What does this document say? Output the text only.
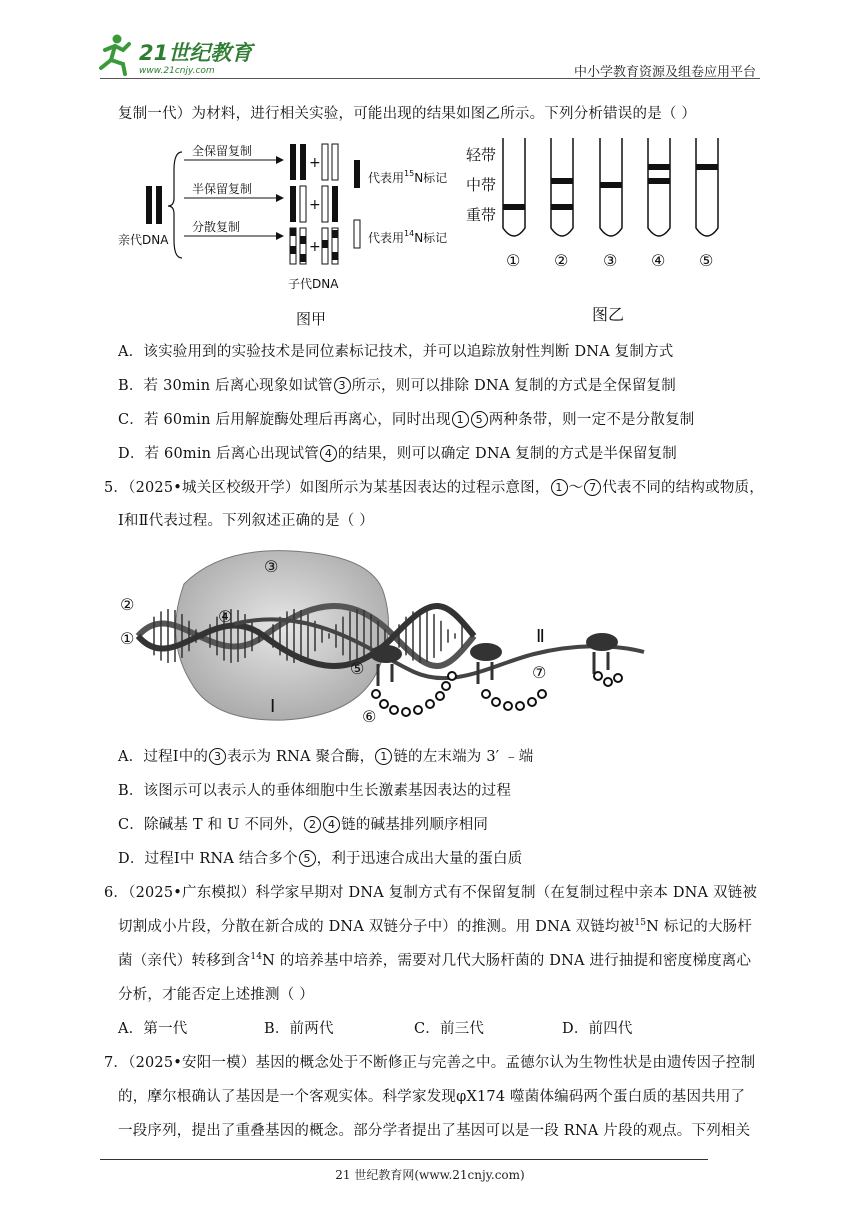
21世纪教育
www.21cnjy.com	中小学教育资源及组卷应用平台
复制一代）为材料，进行相关实验，可能出现的结果如图乙所示。下列分析错误的是（ ）
亲代DNA
全保留复制
半保留复制
分散复制
+
+
+
子代DNA
代表用$^{15}$N标记
代表用$^{14}$N标记
图甲
轻带
中带
重带
① ② ③ ④ ⑤
图乙
A．该实验用到的实验技术是同位素标记技术，并可以追踪放射性判断 DNA 复制方式
B．若 30min 后离心现象如试管 3 所示，则可以排除 DNA 复制的方式是全保留复制
C．若 60min 后用解旋酶处理后再离心，同时出现 1 5 两种条带，则一定不是分散复制
D．若 60min 后离心出现试管 4 的结果，则可以确定 DNA 复制的方式是半保留复制
5．（2025•城关区校级开学）如图所示为某基因表达的过程示意图， 1 ～ 7 代表不同的结构或物质，
Ⅰ和Ⅱ代表过程。下列叙述正确的是（ ）
③
②
④
①
⑤
⑥
⑦
Ⅰ
Ⅱ
A．过程Ⅰ中的 3 表示为 RNA 聚合酶， 1 链的左末端为 3′ ﹣端
B．该图示可以表示人的垂体细胞中生长激素基因表达的过程
C．除碱基 T 和 U 不同外， 2 4 链的碱基排列顺序相同
D．过程Ⅰ中 RNA 结合多个 5 ，利于迅速合成出大量的蛋白质
6．（2025•广东模拟）科学家早期对 DNA 复制方式有不保留复制（在复制过程中亲本 DNA 双链被
切割成小片段，分散在新合成的 DNA 双链分子中）的推测。用 DNA 双链均被$^{15}$N 标记的大肠杆
菌（亲代）转移到含$^{14}$N 的培养基中培养，需要对几代大肠杆菌的 DNA 进行抽提和密度梯度离心
分析，才能否定上述推测（ ）
A．第一代	B．前两代	C．前三代	D．前四代
7．（2025•安阳一模）基因的概念处于不断修正与完善之中。孟德尔认为生物性状是由遗传因子控制
的，摩尔根确认了基因是一个客观实体。科学家发现φX174 噬菌体编码两个蛋白质的基因共用了
一段序列，提出了重叠基因的概念。部分学者提出了基因可以是一段 RNA 片段的观点。下列相关
21 世纪教育网(www.21cnjy.com)
